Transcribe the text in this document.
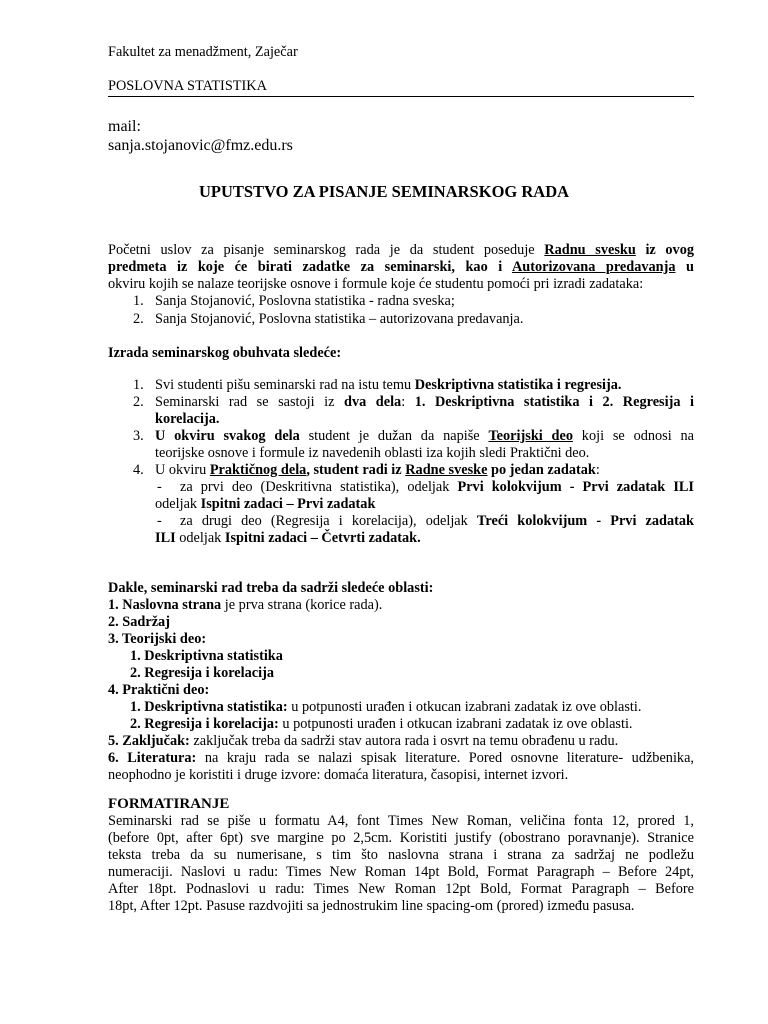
Fakultet za menadžment, Zaječar
POSLOVNA STATISTIKA
mail:
sanja.stojanovic@fmz.edu.rs
UPUTSTVO ZA PISANJE SEMINARSKOG RADA
Početni uslov za pisanje seminarskog rada je da student poseduje Radnu svesku iz ovog
predmeta iz koje će birati zadatke za seminarski, kao i Autorizovana predavanja u
okviru kojih se nalaze teorijske osnove i formule koje će studentu pomoći pri izradi zadataka:
1. Sanja Stojanović, Poslovna statistika - radna sveska;
2. Sanja Stojanović, Poslovna statistika – autorizovana predavanja.
Izrada seminarskog obuhvata sledeće:
1. Svi studenti pišu seminarski rad na istu temu Deskriptivna statistika i regresija.
2. Seminarski rad se sastoji iz dva dela: 1. Deskriptivna statistika i 2. Regresija i
korelacija.
3. U okviru svakog dela student je dužan da napiše Teorijski deo koji se odnosi na
teorijske osnove i formule iz navedenih oblasti iza kojih sledi Praktični deo.
4. U okviru Praktičnog dela, student radi iz Radne sveske po jedan zadatak:
- za prvi deo (Deskritivna statistika), odeljak Prvi kolokvijum - Prvi zadatak ILI
odeljak Ispitni zadaci – Prvi zadatak
- za drugi deo (Regresija i korelacija), odeljak Treći kolokvijum - Prvi zadatak
ILI odeljak Ispitni zadaci – Četvrti zadatak.
Dakle, seminarski rad treba da sadrži sledeće oblasti:
1. Naslovna strana je prva strana (korice rada).
2. Sadržaj
3. Teorijski deo:
1. Deskriptivna statistika
2. Regresija i korelacija
4. Praktični deo:
1. Deskriptivna statistika: u potpunosti urađen i otkucan izabrani zadatak iz ove oblasti.
2. Regresija i korelacija: u potpunosti urađen i otkucan izabrani zadatak iz ove oblasti.
5. Zaključak: zaključak treba da sadrži stav autora rada i osvrt na temu obrađenu u radu.
6. Literatura: na kraju rada se nalazi spisak literature. Pored osnovne literature- udžbenika,
neophodno je koristiti i druge izvore: domaća literatura, časopisi, internet izvori.
FORMATIRANJE
Seminarski rad se piše u formatu A4, font Times New Roman, veličina fonta 12, prored 1,
(before 0pt, after 6pt) sve margine po 2,5cm. Koristiti justify (obostrano poravnanje). Stranice
teksta treba da su numerisane, s tim što naslovna strana i strana za sadržaj ne podležu
numeraciji. Naslovi u radu: Times New Roman 14pt Bold, Format Paragraph – Before 24pt,
After 18pt. Podnaslovi u radu: Times New Roman 12pt Bold, Format Paragraph – Before
18pt, After 12pt. Pasuse razdvojiti sa jednostrukim line spacing-om (prored) između pasusa.
